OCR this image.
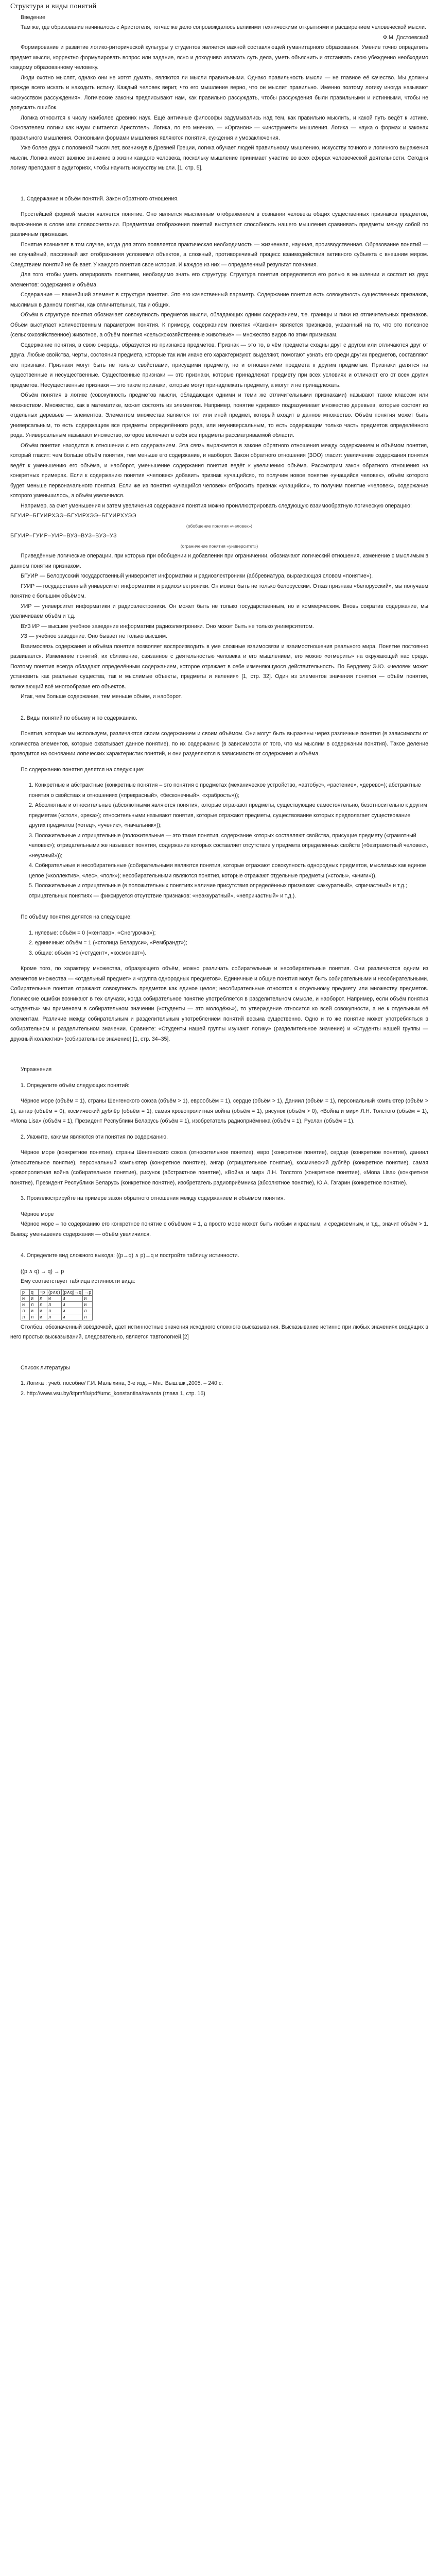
Структура и виды понятий
Введение

Там же, где образование начиналось с Аристотеля, тотчас же дело сопровождалось великими техническими открытиями и расширением человеческой мысли.

Ф.М. Достоевский

Формирование и развитие логико-риторической культуры у студентов является важной составляющей гуманитарного образования. Умение точно определить предмет мысли, корректно формулировать вопрос или задание, ясно и доходчиво излагать суть дела, уметь объяснить и отстаивать свою убежденно необходимо каждому образованному человеку.

Люди охотно мыслят, однако они не хотят думать, являются ли мысли правильными. Однако правильность мысли — не главное её качество. Мы должны прежде всего искать и находить истину. Каждый человек верит, что его мышление верно, что он мыслит правильно. Именно поэтому логику иногда называют «искусством рассуждения». Логические законы предписывают нам, как правильно рассуждать, чтобы рассуждения были правильными и истинными, чтобы не допускать ошибок.

Логика относится к числу наиболее древних наук. Ещё античные философы задумывались над тем, как правильно мыслить, и какой путь ведёт к истине. Основателем логики как науки считается Аристотель. Логика, по его мнению, — «Органон» — «инструмент» мышления. Логика — наука о формах и законах правильного мышления. Основными формами мышления являются понятия, суждения и умозаключения.

Уже более двух с половиной тысяч лет, возникнув в Древней Греции, логика обучает людей правильному мышлению, искусству точного и логичного выражения мысли. Логика имеет важное значение в жизни каждого человека, поскольку мышление принимает участие во всех сферах человеческой деятельности. Сегодня логику преподают в аудиториях, чтобы научить искусству мысли. [1, стр. 5].

1. Содержание и объём понятий. Закон обратного отношения.

Простейшей формой мысли является понятие. Оно является мысленным отображением в сознании человека общих существенных признаков предметов, выраженное в слове или словосочетании. Предметами отображения понятий выступают способность нашего мышления сравнивать предметы между собой по различным признакам.

Понятие возникает в том случае, когда для этого появляется практическая необходимость — жизненная, научная, производственная. Образование понятий — не случайный, пассивный акт отображения условиями объектов, а сложный, противоречивый процесс взаимодействия активного субъекта с внешним миром. Следствием понятий не бывает. У каждого понятия свое история. И каждое из них — определенный результат познания.

Для того чтобы уметь оперировать понятием, необходимо знать его структуру. Структура понятия определяется его ролью в мышлении и состоит из двух элементов: содержания и объёма.

Содержание — важнейший элемент в структуре понятия. Это его качественный параметр. Содержание понятия есть совокупность существенных признаков, мыслимых в данном понятии, как отличительных, так и общих.

Объём в структуре понятия обозначает совокупность предметов мысли, обладающих одним содержанием, т.е. границы и пики из отличительных признаков. Объём выступает количественным параметром понятия. К примеру, содержанием понятия «Ханзин» является признаков, указанный на то, что это полезное (сельскохозяйственное) животное, а объём понятия «сельскохозяйственные животные» — множество видов по этим признакам.

Содержание понятия, в свою очередь, образуется из признаков предметов. Признак — это то, в чём предметы сходны друг с другом или отличаются друг от друга. Любые свойства, черты, состояния предмета, которые так или иначе его характеризуют, выделяют, помогают узнать его среди других предметов, составляют его признаки. Признаки могут быть не только свойствами, присущими предмету, но и отношениями предмета к другим предметам. Признаки делятся на существенные и несущественные. Существенные признаки — это признаки, которые принадлежат предмету при всех условиях и отличают его от всех других предметов. Несущественные признаки — это такие признаки, которые могут принадлежать предмету, а могут и не принадлежать.

Объём понятия в логике (совокупность предметов мысли, обладающих одними и теми же отличительными признаками) называют также классом или множеством. Множество, как в математике, может состоять из элементов. Например, понятие «дерево» подразумевает множество деревьев, которые состоят из отдельных деревьев — элементов. Элементом множества является тот или иной предмет, который входит в данное множество. Объём понятия может быть универсальным, то есть содержащим все предметы определённого рода, или неуниверсальным, то есть содержащим только часть предметов определённого рода. Универсальным называют множество, которое включает в себя все предметы рассматриваемой области.

Объём понятия находится в отношении с его содержанием. Эта связь выражается в законе обратного отношения между содержанием и объёмом понятия, который гласит: чем больше объём понятия, тем меньше его содержание, и наоборот. Закон обратного отношения (ЗОО) гласит: увеличение содержания понятия ведёт к уменьшению его объёма, и наоборот, уменьшение содержания понятия ведёт к увеличению объёма. Рассмотрим закон обратного отношения на конкретных примерах. Если к содержанию понятия «человек» добавить признак «учащийся», то получим новое понятие «учащийся человек», объём которого будет меньше первоначального понятия. Если же из понятия «учащийся человек» отбросить признак «учащийся», то получим понятие «человек», содержание которого уменьшилось, а объём увеличился.

Например, за счет уменьшения и затем увеличения содержания понятия можно проиллюстрировать следующую взаимообратную логическую операцию:

БГУИР–БГУИРХЭЭ–БГУИРХЭЭ–БГУИРХУЭЭ
(обобщение понятия «человек»)
БГУИР–ГУИР–УИР–ВУЗ–ВУЗ–ВУЗ–УЗ
(ограничение понятия «университет»)

Приведённые логические операции, при которых при обобщении и добавлении при ограничении, обозначают логический отношения, изменение с мыслимым в данном понятии признаком.

БГУИР — Белорусский государственный университет информатики и радиоэлектроники (аббревиатура, выражающая словом «понятие»).

ГУИР — государственный университет информатики и радиоэлектроники. Он может быть не только белорусским. Отказ признака «белорусский», мы получаем понятие с большим объёмом.

УИР — университет информатики и радиоэлектроники. Он может быть не только государственным, но и коммерческим. Вновь сократив содержание, мы увеличиваем объём и т.д.

ВУЗ ИР — высшее учебное заведение информатики радиоэлектроники. Оно может быть не только университетом.

УЗ — учебное заведение. Оно бывает не только высшим.

Взаимосвязь содержания и объёма понятия позволяет воспроизводить в уме сложные взаимосвязи и взаимоотношения реального мира. Понятие постоянно развивается. Изменение понятий, их сближение, связанное с деятельностью человека и его мышлением, его можно «отмерить» на окружающей нас среде. Поэтому понятия всегда обладают определённым содержанием, которое отражает в себе изменяющуюся действительность. По Бердяеву Э.Ю. «человек может установить как реальные существа, так и мыслимые объекты, предметы и явления» [1, стр. 32]. Один из элементов значения понятия — объём понятия, включающий всё многообразие его объектов.

Итак, чем больше содержание, тем меньше объём, и наоборот.

2. Виды понятий по объему и по содержанию.

Понятия, которые мы используем, различаются своим содержанием и своим объёмом. Они могут быть выражены через различные понятия (в зависимости от количества элементов, которые охватывает данное понятие), по их содержанию (в зависимости от того, что мы мыслим в содержании понятия). Такое деление проводится на основании логических характеристик понятий, и они разделяются в зависимости от содержания и объёма.

По содержанию понятия делятся на следующие:

1. Конкретные и абстрактные (конкретные понятия – это понятия о предметах (механическое устройство, «автобус», «растение», «дерево»); абстрактные понятия о свойствах и отношениях («прекрасный», «бесконечный», «храбрость»));
2. Абсолютные и относительные (абсолютными являются понятия, которые отражают предметы, существующие самостоятельно, безотносительно к другим предметам («стол», «река»); относительными называют понятия, которые отражают предметы, существование которых предполагает существование других предметов («отец», «ученик», «начальник»));
3. Положительные и отрицательные (положительные — это такие понятия, содержание которых составляют свойства, присущие предмету («грамотный человек»); отрицательными же называют понятия, содержание которых составляет отсутствие у предмета определённых свойств («безграмотный человек», «неумный»));
4. Собирательные и несобирательные (собирательными являются понятия, которые отражают совокупность однородных предметов, мыслимых как единое целое («коллектив», «лес», «полк»); несобирательными являются понятия, которые отражают отдельные предметы («столы», «книги»)).
5. Положительные и отрицательные (в положительных понятиях наличие присутствия определённых признаков: «аккуратный», «причастный» и т.д.; отрицательных понятиях — фиксируется отсутствие признаков: «неаккуратный», «непричастный» и т.д.).

По объёму понятия делятся на следующие:

1. нулевые: объём = 0 («кентавр», «Снегурочка»);
2. единичные: объём = 1 («столица Беларуси», «Рембрандт»);
3. общие: объём >1 («студент», «космонавт»).

Кроме того, по характеру множества, образующего объём, можно различать собирательные и несобирательные понятия. Они различаются одним из элементов множества — «отдельный предмет» и «группа однородных предметов». Единичные и общие понятия могут быть собирательными и несобирательными. Собирательные понятия отражают совокупность предметов как единое целое; несобирательные относятся к отдельному предмету или множеству предметов. Логические ошибки возникают в тех случаях, когда собирательное понятие употребляется в разделительном смысле, и наоборот. Например, если объём понятия «студенты» мы применяем в собирательном значении («студенты — это молодёжь»), то утверждение относится ко всей совокупности, а не к отдельным её элементам. Различие между собирательным и разделительным употреблением понятий весьма существенно. Одно и то же понятие может употребляться в собирательном и разделительном значении. Сравните: «Студенты нашей группы изучают логику» (разделительное значение) и «Студенты нашей группы — дружный коллектив» (собирательное значение) [1, стр. 34–35].

Упражнения
1. Определите объём следующих понятий:

Чёрное море (объём = 1), страны Шенгенского союза (объём > 1), еврообъём = 1), сердце (объём > 1), Даниил (объём = 1), персональный компьютер (объём > 1), ангар (объём = 0), космический дублёр (объём = 1), самая кровопролитная война (объём = 1), рисунок (объём > 0), «Война и мир» Л.Н. Толстого (объём = 1), «Mona Lisa» (объём = 1), Президент Республики Беларусь (объём = 1), изобретатель радиоприёмника (объём = 1), Руслан (объём = 1).

2. Укажите, какими являются эти понятия по содержанию.

Чёрное море (конкретное понятие), страны Шенгенского союза (относительное понятие), евро (конкретное понятие), сердце (конкретное понятие), даниил (относительное понятие), персональный компьютер (конкретное понятие), ангар (отрицательное понятие), космический дублёр (конкретное понятие), самая кровопролитная война (собирательное понятие), рисунок (абстрактное понятие), «Война и мир» Л.Н. Толстого (конкретное понятие), «Mona Lisa» (конкретное понятие), Президент Республики Беларусь (конкретное понятие), изобретатель радиоприёмника (абсолютное понятие), Ю.А. Гагарин (конкретное понятие).

3. Проиллюстрируйте на примере закон обратного отношения между содержанием и объёмом понятия.
Чёрное море

Чёрное море – по содержанию его конкретное понятие с объёмом = 1, а просто море может быть любым и красным, и средиземным, и т.д., значит объём > 1. Вывод: уменьшение содержания — объём увеличился.

4. Определите вид сложного выхода: ((p→q) ∧ p)→q и постройте таблицу истинности.
((p ∧ q) → q) → p
Ему соответствует таблица истинности вида:
p	q	¬p	(p∧q)	(p∧q)→q	→p
и	и	л	и	и	и
и	л	л	л	и	и
л	и	и	л	и	л
л	л	и	л	и	л

Столбец, обозначенный звёздочкой, дает истинностные значения исходного сложного высказывания. Высказывание истинно при любых значениях входящих в него простых высказываний, следовательно, является тавтологией.[2]

Список литературы
1. Логика : учеб. пособие/ Г.И. Малыхина, 3-е изд. – Мн.: Выш.шк.,2005. – 240 с.
2. http://www.vsu.by/ktpmf/lu/pdf/umc_konstantina/ravanta (глава 1, стр. 16)
